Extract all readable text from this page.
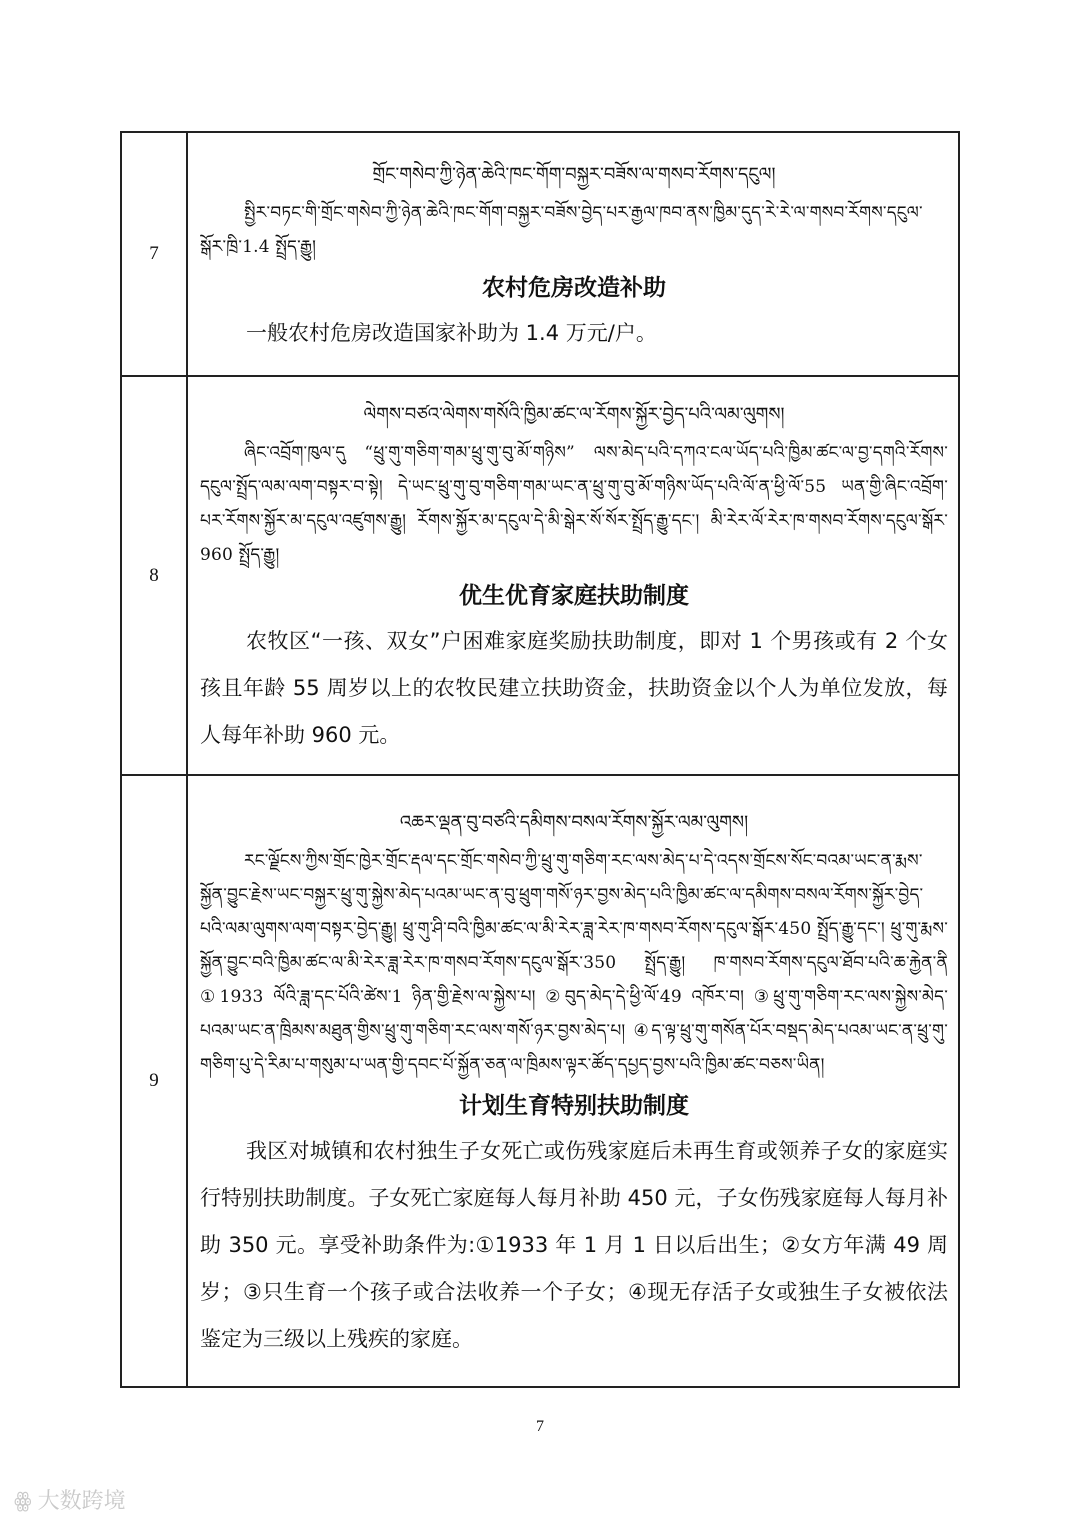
7	གྲོང་གསེབ་ཀྱི་ཉེན་ཆེའི་ཁང་གོག་བསྐྱར་བཟོས་ལ་གསབ་རོགས་དངུལ།

སྤྱིར་བཏང་གི་གྲོང་གསེབ་ཀྱི་ཉེན་ཆེའི་ཁང་གོག་བསྐྱར་བཟོས་བྱེད་པར་རྒྱལ་ཁབ་ནས་ཁྱིམ་དུད་རེ་རེ་ལ་གསབ་རོགས་དངུལ་སྒོར་ཁྲི་1.4 སྤྲོད་རྒྱུ།

农村危房改造补助

一般农村危房改造国家补助为 1.4 万元/户。

8	ལེགས་བཙའ་ལེགས་གསོའི་ཁྱིམ་ཚང་ལ་རོགས་སྐྱོར་བྱེད་པའི་ལམ་ལུགས།

ཞིང་འབྲོག་ཁུལ་དུ “ཕྲུ་གུ་གཅིག་གམ་ཕྲུ་གུ་བུ་མོ་གཉིས” ལས་མེད་པའི་དཀའ་ངལ་ཡོད་པའི་ཁྱིམ་ཚང་ལ་བྱ་དགའི་རོགས་དངུལ་སྤྲོད་ལམ་ལག་བསྟར་བ་སྟེ། དེ་ཡང་ཕྲུ་གུ་བུ་གཅིག་གམ་ཡང་ན་ཕྲུ་གུ་བུ་མོ་གཉིས་ཡོད་པའི་ལོ་ན་ཕྱི་ལོ་55 ཡན་གྱི་ཞིང་འབྲོག་པར་རོགས་སྐྱོར་མ་དངུལ་འཛུགས་རྒྱུ། རོགས་སྐྱོར་མ་དངུལ་དེ་མི་སྒེར་སོ་སོར་སྤྲོད་རྒྱུ་དང་། མི་རེར་ལོ་རེར་ཁ་གསབ་རོགས་དངུལ་སྒོར་960 སྤྲོད་རྒྱུ།

优生优育家庭扶助制度

农牧区“一孩、双女”户困难家庭奖励扶助制度，即对 1 个男孩或有 2 个女孩且年龄 55 周岁以上的农牧民建立扶助资金，扶助资金以个人为单位发放，每人每年补助 960 元。

9	འཆར་ལྡན་བུ་བཙའི་དམིགས་བསལ་རོགས་སྐྱོར་ལམ་ལུགས།

རང་ལྗོངས་ཀྱིས་གྲོང་ཁྱེར་གྲོང་རྡལ་དང་གྲོང་གསེབ་ཀྱི་ཕྲུ་གུ་གཅིག་རང་ལས་མེད་པ་དེ་འདས་གྲོངས་སོང་བའམ་ཡང་ན་རྨས་སྐྱོན་བྱུང་རྗེས་ཡང་བསྐྱར་ཕྲུ་གུ་སྐྱེས་མེད་པའམ་ཡང་ན་བུ་ཕྲུག་གསོ་ཉར་བྱས་མེད་པའི་ཁྱིམ་ཚང་ལ་དམིགས་བསལ་རོགས་སྐྱོར་བྱེད་པའི་ལམ་ལུགས་ལག་བསྟར་བྱེད་རྒྱུ། ཕྲུ་གུ་ཤི་བའི་ཁྱིམ་ཚང་ལ་མི་རེར་ཟླ་རེར་ཁ་གསབ་རོགས་དངུལ་སྒོར་450 སྤྲོད་རྒྱུ་དང་། ཕྲུ་གུ་རྨས་སྐྱོན་བྱུང་བའི་ཁྱིམ་ཚང་ལ་མི་རེར་ཟླ་རེར་ཁ་གསབ་རོགས་དངུལ་སྒོར་350 སྤྲོད་རྒྱུ། ཁ་གསབ་རོགས་དངུལ་ཐོབ་པའི་ཆ་རྐྱེན་ནི ①1933 ལོའི་ཟླ་དང་པོའི་ཚེས་1 ཉིན་གྱི་རྗེས་ལ་སྐྱེས་པ། ②བུད་མེད་དེ་ཕྱི་ལོ་49 འཁོར་བ། ③ཕྲུ་གུ་གཅིག་རང་ལས་སྐྱེས་མེད་པའམ་ཡང་ན་ཁྲིམས་མཐུན་གྱིས་ཕྲུ་གུ་གཅིག་རང་ལས་གསོ་ཉར་བྱས་མེད་པ། ④ད་ལྟ་ཕྲུ་གུ་གསོན་པོར་བསྡད་མེད་པའམ་ཡང་ན་ཕྲུ་གུ་གཅིག་པུ་དེ་རིམ་པ་གསུམ་པ་ཡན་གྱི་དབང་པོ་སྐྱོན་ཅན་ལ་ཁྲིམས་ལྟར་ཚོད་དཔྱད་བྱས་པའི་ཁྱིམ་ཚང་བཅས་ཡིན།

计划生育特别扶助制度

我区对城镇和农村独生子女死亡或伤残家庭后未再生育或领养子女的家庭实行特别扶助制度。子女死亡家庭每人每月补助 450 元，子女伤残家庭每人每月补助 350 元。享受补助条件为:①1933 年 1 月 1 日以后出生；②女方年满 49 周岁；③只生育一个孩子或合法收养一个子女；④现无存活子女或独生子女被依法鉴定为三级以上残疾的家庭。

7
ꙮ 大数跨境
